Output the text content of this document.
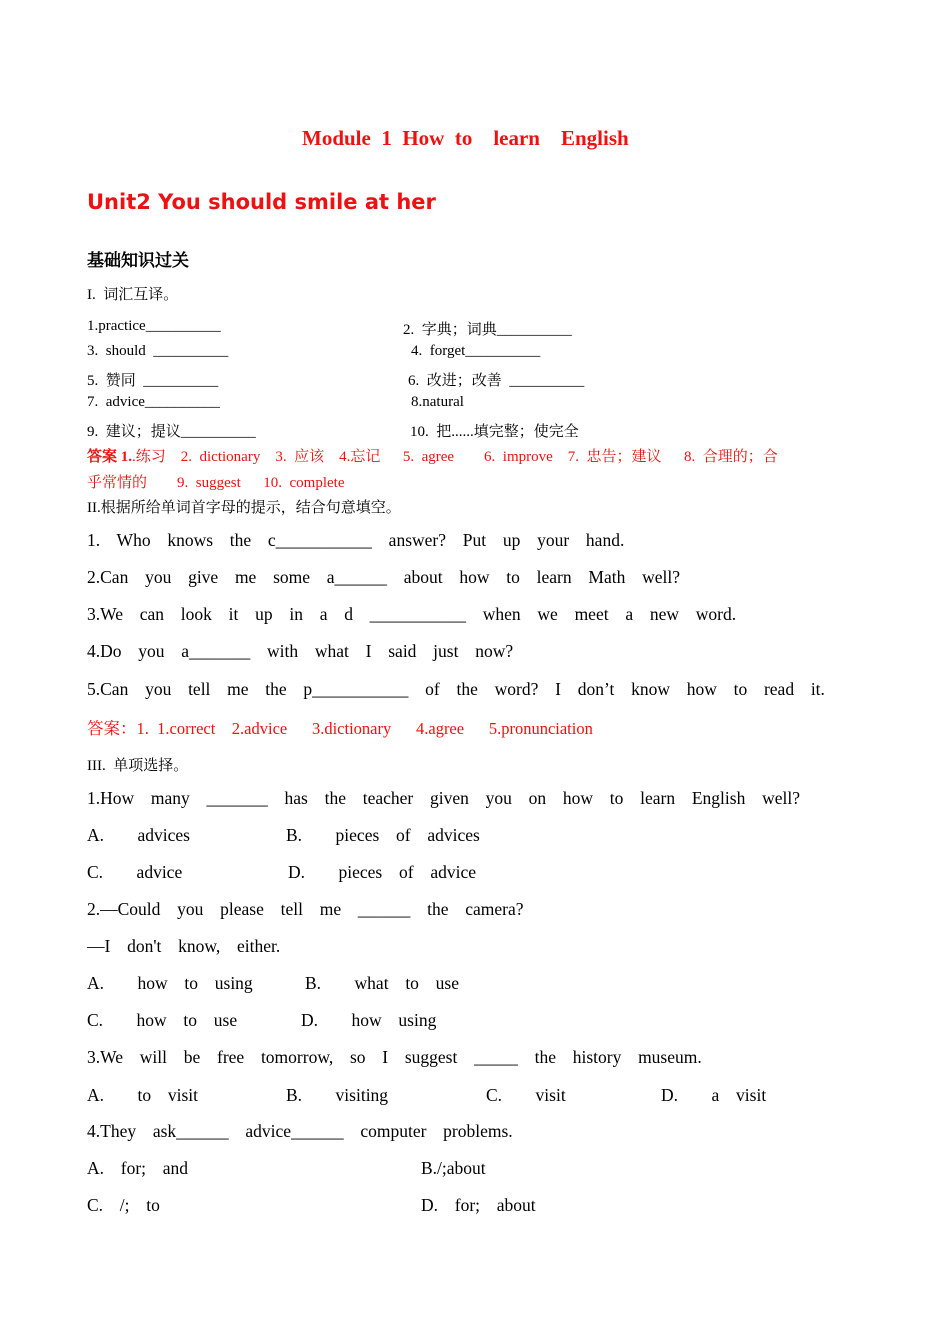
Module  1  How  to    learn    English
Unit2 You should smile at her
基础知识过关
I.  词汇互译。
1.practice__________	2.  字典；词典__________
3.  should  __________	4.  forget__________
5.  赞同  __________	6.  改进；改善  __________
7.  advice__________	8.natural
9.  建议；提议__________	10.  把......填完整；使完全
答案 1..练习    2.  dictionary    3.  应该    4.忘记      5.  agree        6.  improve    7.  忠告；建议      8.  合理的；合
乎常情的        9.  suggest      10.  complete
II.根据所给单词首字母的提示，结合句意填空。
1.  Who  knows  the  c___________  answer?  Put  up  your  hand.
2.Can  you  give  me  some  a______  about  how  to  learn  Math  well?
3.We  can  look  it  up  in  a  d  ___________  when  we  meet  a  new  word.
4.Do  you  a_______  with  what  I  said  just  now?
5.Can  you  tell  me  the  p___________  of  the  word?  I  don’t  know  how  to  read  it.
答案：1.  1.correct    2.advice      3.dictionary      4.agree      5.pronunciation
III.  单项选择。
1.How  many  _______  has  the  teacher  given  you  on  how  to  learn  English  well?
A.    advices	B.    pieces  of  advices
C.    advice	D.    pieces  of  advice
2.—Could  you  please  tell  me  ______  the  camera?
—I  don't  know,  either.
A.    how  to  using	B.    what  to  use
C.    how  to  use	D.    how  using
3.We  will  be  free  tomorrow,  so  I  suggest  _____  the  history  museum.
A.    to  visit	B.    visiting	C.    visit	D.    a  visit
4.They  ask______  advice______  computer  problems.
A.  for;  and	B./;about
C.  /;  to	D.  for;  about
